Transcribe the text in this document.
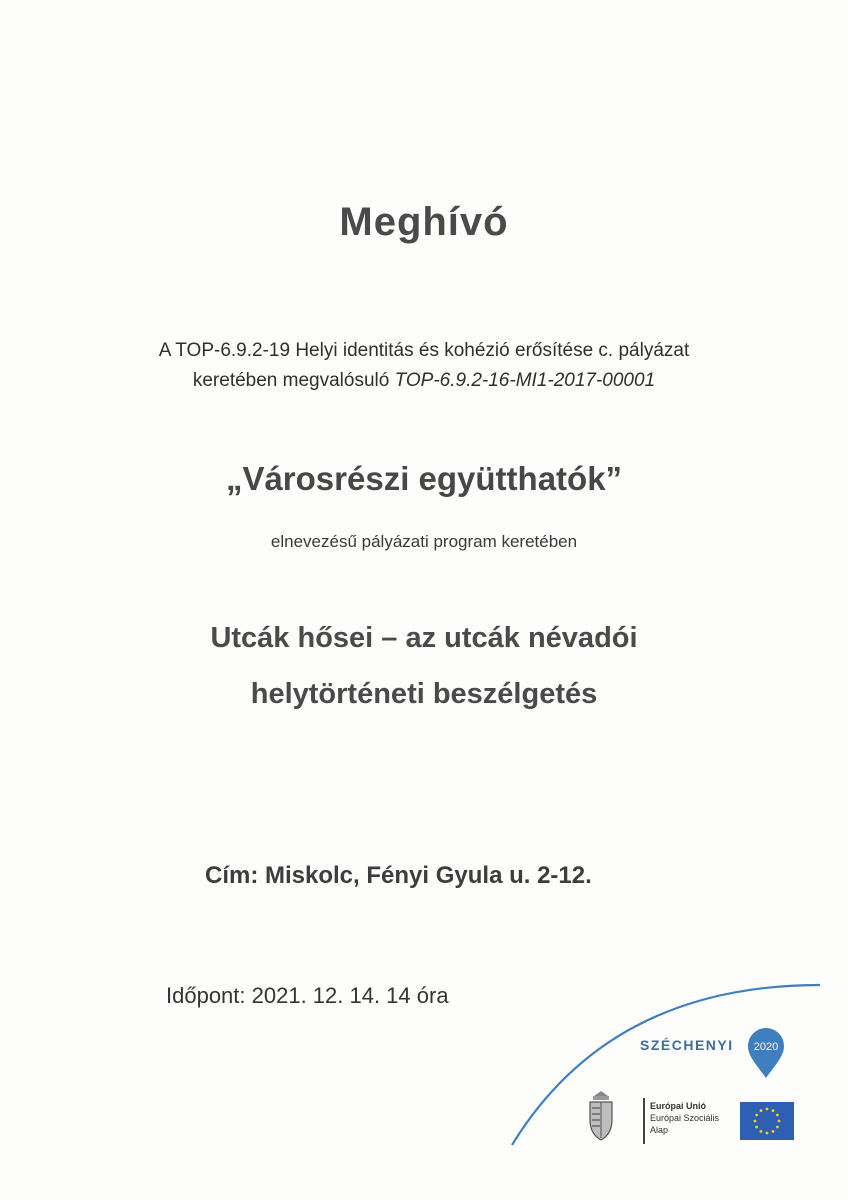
Meghívó
A TOP-6.9.2-19 Helyi identitás és kohézió erősítése c. pályázat
keretében megvalósuló TOP-6.9.2-16-MI1-2017-00001
„Városrészi együtthatók”
elnevezésű pályázati program keretében
Utcák hősei – az utcák névadói
helytörténeti beszélgetés
Cím: Miskolc, Fényi Gyula u. 2-12.
Időpont: 2021. 12. 14. 14 óra
SZÉCHENYI 2020
Európai Unió
Európai Szociális
Alap
